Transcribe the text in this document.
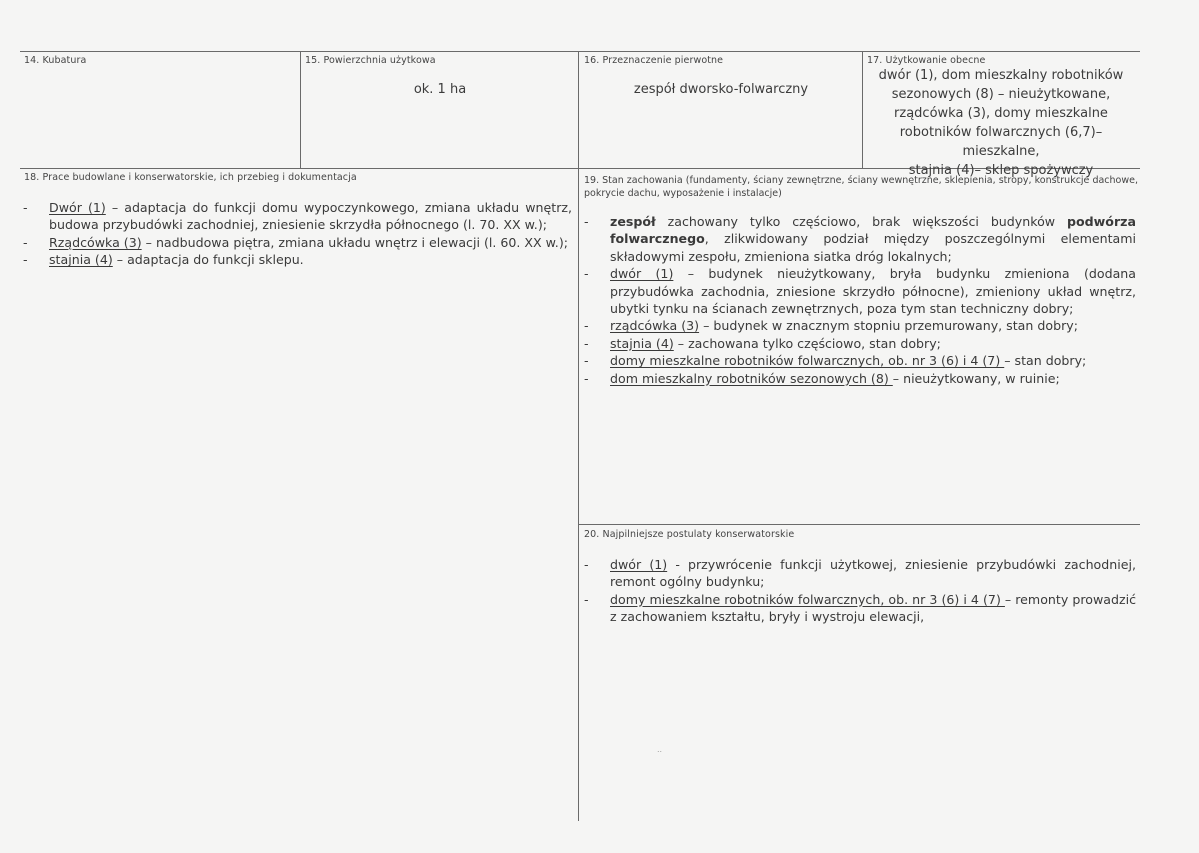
14. Kubatura	15. Powierzchnia użytkowa
ok. 1 ha
16. Przeznaczenie pierwotne
zespół dworsko-folwarczny
17. Użytkowanie obecne
dwór (1), dom mieszkalny robotników
sezonowych (8) – nieużytkowane,
rządcówka (3), domy mieszkalne
robotników folwarcznych (6,7)–
mieszkalne,
stajnia (4)– sklep spożywczy
18. Prace budowlane i konserwatorskie, ich przebieg i dokumentacja
- Dwór (1) – adaptacja do funkcji domu wypoczynkowego, zmiana układu wnętrz, budowa przybudówki zachodniej, zniesienie skrzydła północnego (l. 70. XX w.);
- Rządcówka (3) – nadbudowa piętra, zmiana układu wnętrz i elewacji (l. 60. XX w.);
- stajnia (4) – adaptacja do funkcji sklepu.
19. Stan zachowania (fundamenty, ściany zewnętrzne, ściany wewnętrzne, sklepienia, stropy, konstrukcje dachowe, pokrycie dachu, wyposażenie i instalacje)
- zespół zachowany tylko częściowo, brak większości budynków podwórza folwarcznego, zlikwidowany podział między poszczególnymi elementami składowymi zespołu, zmieniona siatka dróg lokalnych;
- dwór (1) – budynek nieużytkowany, bryła budynku zmieniona (dodana przybudówka zachodnia, zniesione skrzydło północne), zmieniony układ wnętrz, ubytki tynku na ścianach zewnętrznych, poza tym stan techniczny dobry;
- rządcówka (3) – budynek w znacznym stopniu przemurowany, stan dobry;
- stajnia (4) – zachowana tylko częściowo, stan dobry;
- domy mieszkalne robotników folwarcznych, ob. nr 3 (6) i 4 (7) – stan dobry;
- dom mieszkalny robotników sezonowych (8) – nieużytkowany, w ruinie;
20. Najpilniejsze postulaty konserwatorskie
- dwór (1) - przywrócenie funkcji użytkowej, zniesienie przybudówki zachodniej, remont ogólny budynku;
- domy mieszkalne robotników folwarcznych, ob. nr 3 (6) i 4 (7) – remonty prowadzić z zachowaniem kształtu, bryły i wystroju elewacji,
..
